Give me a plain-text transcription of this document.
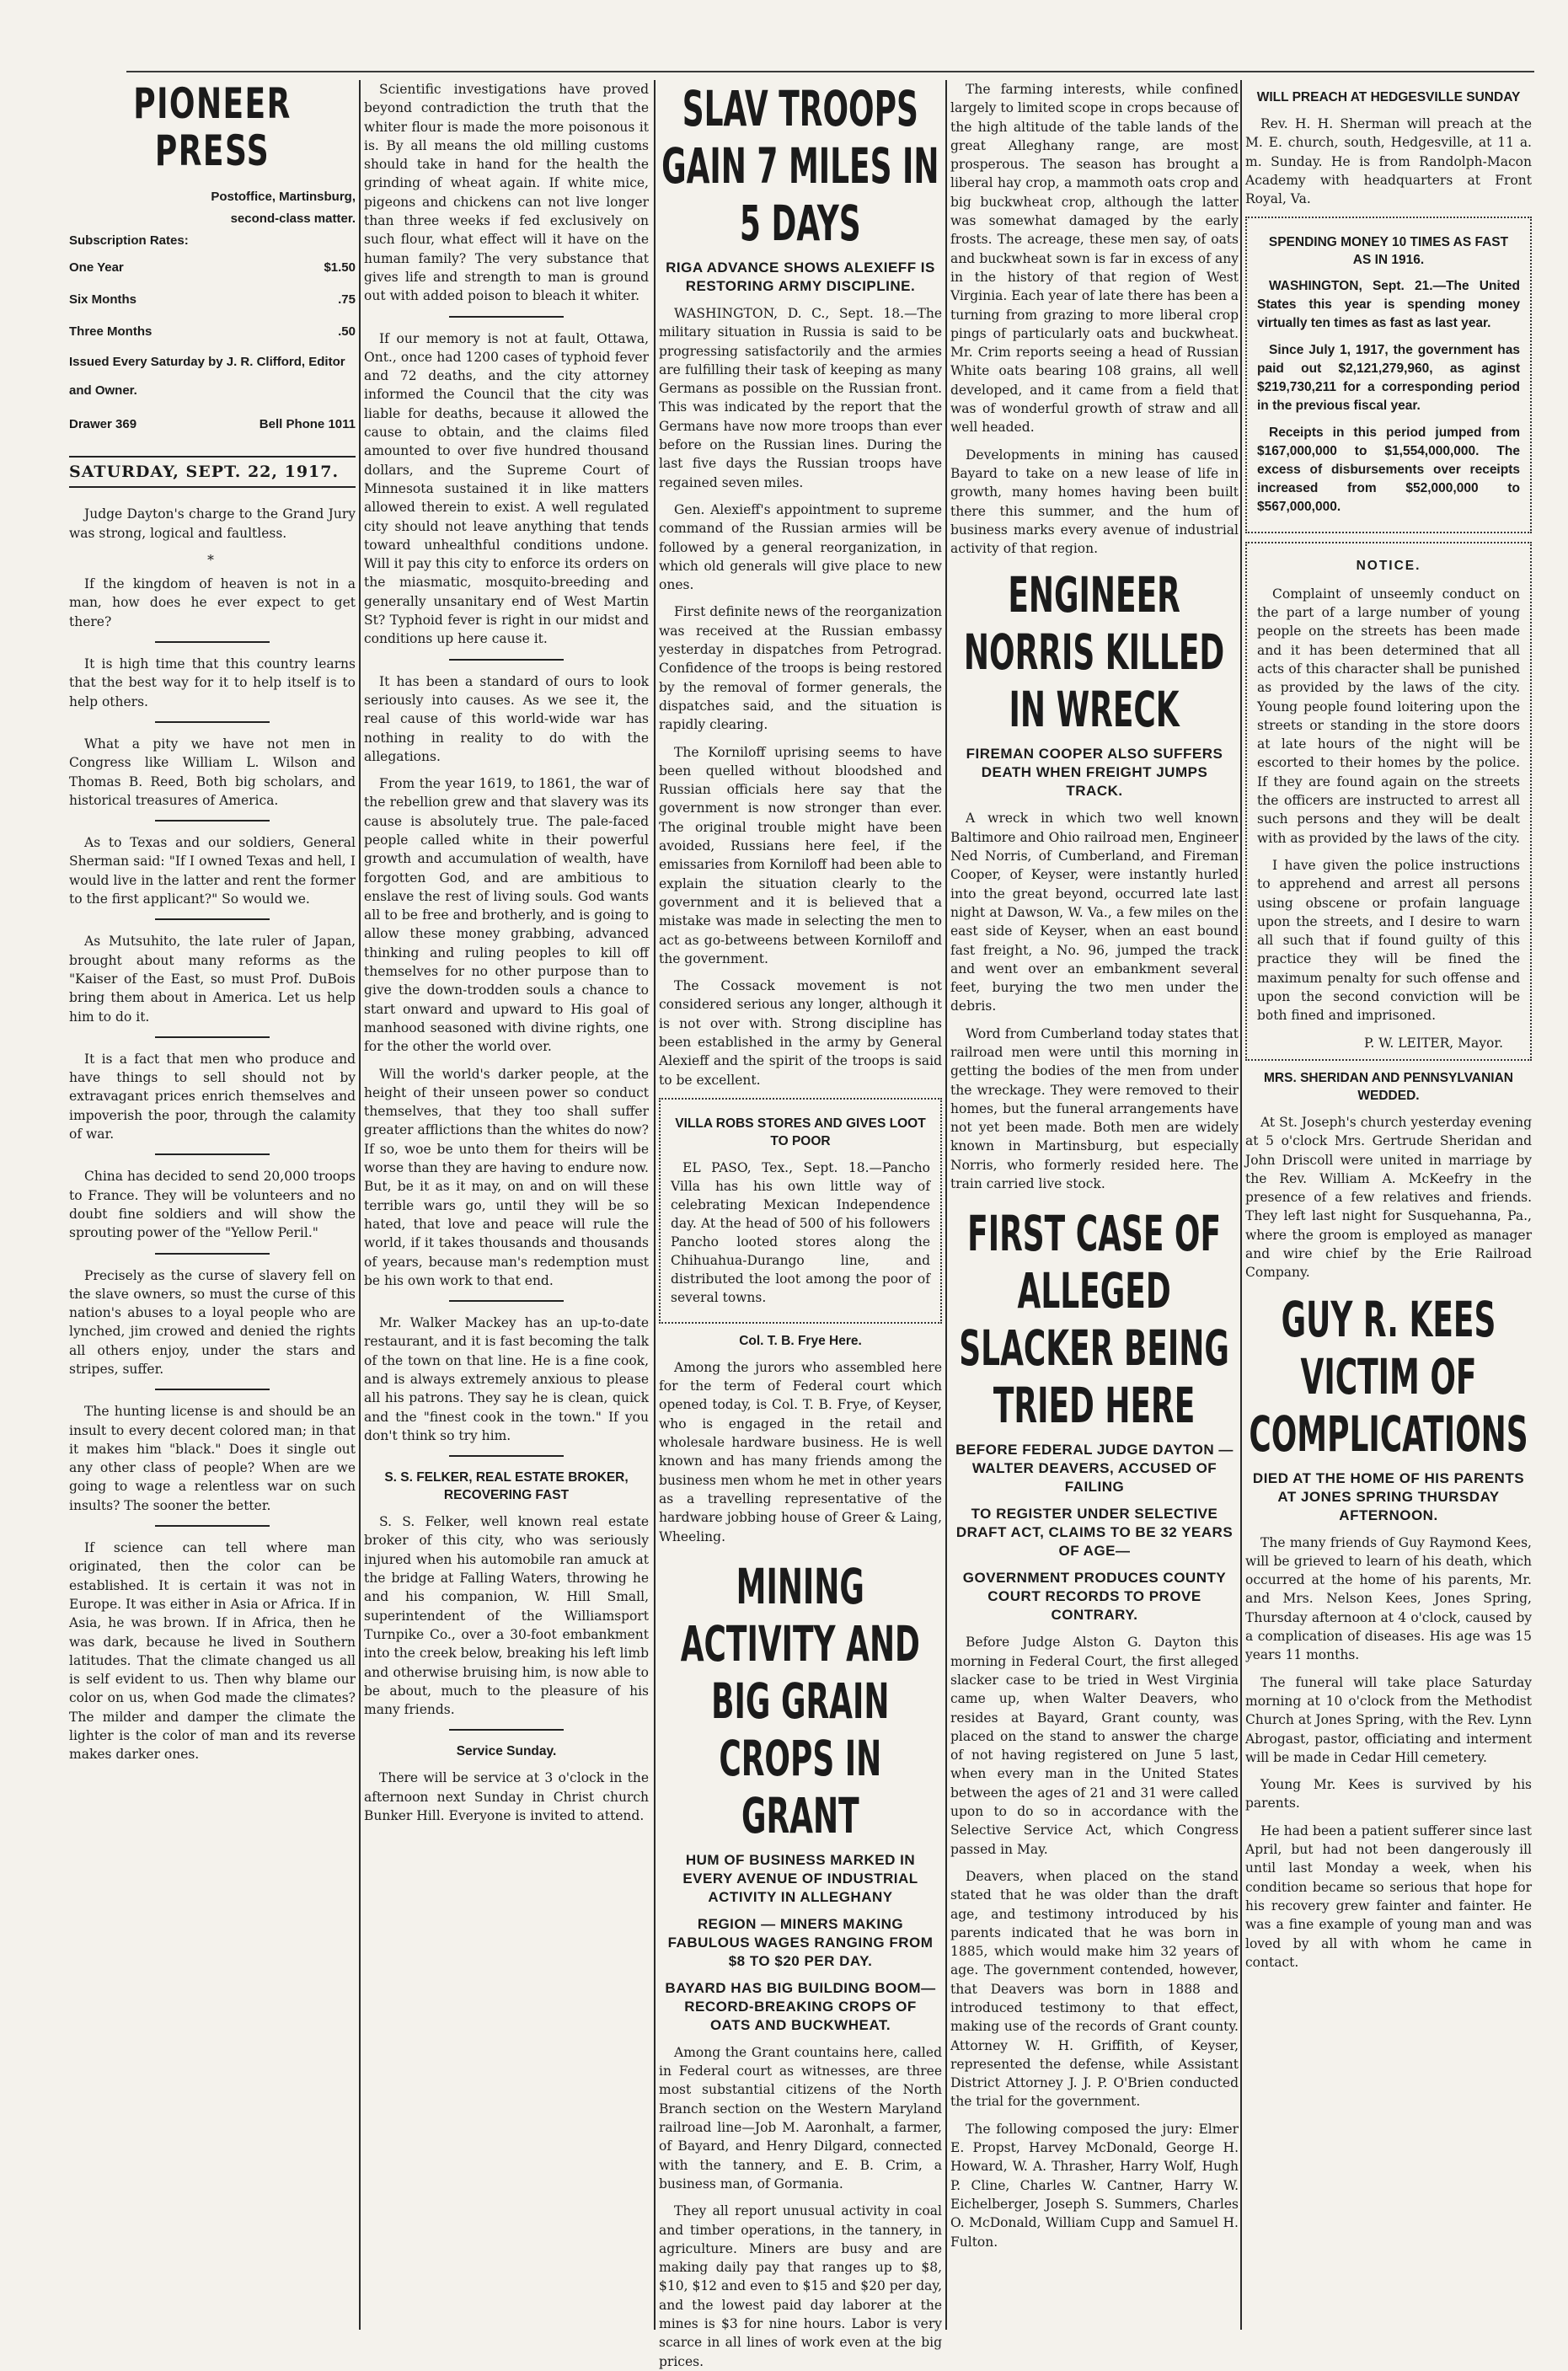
PIONEER PRESS
Postoffice, Martinsburg,
second-class matter.
Subscription Rates:
One Year	$1.50
Six Months	.75
Three Months	.50
Issued Every Saturday by J. R. Clifford, Editor and Owner.
Drawer 369	Bell Phone 1011
SATURDAY, SEPT. 22, 1917.

Judge Dayton's charge to the Grand Jury was strong, logical and faultless.

*

If the kingdom of heaven is not in a man, how does he ever expect to get there?

It is high time that this country learns that the best way for it to help itself is to help others.

What a pity we have not men in Congress like William L. Wilson and Thomas B. Reed, Both big scholars, and historical treasures of America.

As to Texas and our soldiers, General Sherman said: "If I owned Texas and hell, I would live in the latter and rent the former to the first applicant?" So would we.

As Mutsuhito, the late ruler of Japan, brought about many reforms as the "Kaiser of the East, so must Prof. DuBois bring them about in America. Let us help him to do it.

It is a fact that men who produce and have things to sell should not by extravagant prices enrich themselves and impoverish the poor, through the calamity of war.

China has decided to send 20,000 troops to France. They will be volunteers and no doubt fine soldiers and will show the sprouting power of the "Yellow Peril."

Precisely as the curse of slavery fell on the slave owners, so must the curse of this nation's abuses to a loyal people who are lynched, jim crowed and denied the rights all others enjoy, under the stars and stripes, suffer.

The hunting license is and should be an insult to every decent colored man; in that it makes him "black." Does it single out any other class of people? When are we going to wage a relentless war on such insults? The sooner the better.

If science can tell where man originated, then the color can be established. It is certain it was not in Europe. It was either in Asia or Africa. If in Asia, he was brown. If in Africa, then he was dark, because he lived in Southern latitudes. That the climate changed us all is self evident to us. Then why blame our color on us, when God made the climates? The milder and damper the climate the lighter is the color of man and its reverse makes darker ones.

Scientific investigations have proved beyond contradiction the truth that the whiter flour is made the more poisonous it is. By all means the old milling customs should take in hand for the health the grinding of wheat again. If white mice, pigeons and chickens can not live longer than three weeks if fed exclusively on such flour, what effect will it have on the human family? The very substance that gives life and strength to man is ground out with added poison to bleach it whiter.

If our memory is not at fault, Ottawa, Ont., once had 1200 cases of typhoid fever and 72 deaths, and the city attorney informed the Council that the city was liable for deaths, because it allowed the cause to obtain, and the claims filed amounted to over five hundred thousand dollars, and the Supreme Court of Minnesota sustained it in like matters allowed therein to exist. A well regulated city should not leave anything that tends toward unhealthful conditions undone. Will it pay this city to enforce its orders on the miasmatic, mosquito-breeding and generally unsanitary end of West Martin St? Typhoid fever is right in our midst and conditions up here cause it.

It has been a standard of ours to look seriously into causes. As we see it, the real cause of this world-wide war has nothing in reality to do with the allegations.

From the year 1619, to 1861, the war of the rebellion grew and that slavery was its cause is absolutely true. The pale-faced people called white in their powerful growth and accumulation of wealth, have forgotten God, and are ambitious to enslave the rest of living souls. God wants all to be free and brotherly, and is going to allow these money grabbing, advanced thinking and ruling peoples to kill off themselves for no other purpose than to give the down-trodden souls a chance to start onward and upward to His goal of manhood seasoned with divine rights, one for the other the world over.

Will the world's darker people, at the height of their unseen power so conduct themselves, that they too shall suffer greater afflictions than the whites do now? If so, woe be unto them for theirs will be worse than they are having to endure now. But, be it as it may, on and on will these terrible wars go, until they will be so hated, that love and peace will rule the world, if it takes thousands and thousands of years, because man's redemption must be his own work to that end.

Mr. Walker Mackey has an up-to-date restaurant, and it is fast becoming the talk of the town on that line. He is a fine cook, and is always extremely anxious to please all his patrons. They say he is clean, quick and the "finest cook in the town." If you don't think so try him.

S. S. FELKER, REAL ESTATE BROKER, RECOVERING FAST

S. S. Felker, well known real estate broker of this city, who was seriously injured when his automobile ran amuck at the bridge at Falling Waters, throwing he and his companion, W. Hill Small, superintendent of the Williamsport Turnpike Co., over a 30-foot embankment into the creek below, breaking his left limb and otherwise bruising him, is now able to be about, much to the pleasure of his many friends.

Service Sunday.

There will be service at 3 o'clock in the afternoon next Sunday in Christ church Bunker Hill. Everyone is invited to attend.

SLAV TROOPS GAIN 7 MILES IN 5 DAYS
RIGA ADVANCE SHOWS ALEXIEFF IS RESTORING ARMY DISCIPLINE.

WASHINGTON, D. C., Sept. 18.—The military situation in Russia is said to be progressing satisfactorily and the armies are fulfilling their task of keeping as many Germans as possible on the Russian front. This was indicated by the report that the Germans have now more troops than ever before on the Russian lines. During the last five days the Russian troops have regained seven miles.

Gen. Alexieff's appointment to supreme command of the Russian armies will be followed by a general reorganization, in which old generals will give place to new ones.

First definite news of the reorganization was received at the Russian embassy yesterday in dispatches from Petrograd. Confidence of the troops is being restored by the removal of former generals, the dispatches said, and the situation is rapidly clearing.

The Korniloff uprising seems to have been quelled without bloodshed and Russian officials here say that the government is now stronger than ever. The original trouble might have been avoided, Russians here feel, if the emissaries from Korniloff had been able to explain the situation clearly to the government and it is believed that a mistake was made in selecting the men to act as go-betweens between Korniloff and the government.

The Cossack movement is not considered serious any longer, although it is not over with. Strong discipline has been established in the army by General Alexieff and the spirit of the troops is said to be excellent.

VILLA ROBS STORES AND GIVES LOOT TO POOR

EL PASO, Tex., Sept. 18.—Pancho Villa has his own little way of celebrating Mexican Independence day. At the head of 500 of his followers Pancho looted stores along the Chihuahua-Durango line, and distributed the loot among the poor of several towns.

Col. T. B. Frye Here.

Among the jurors who assembled here for the term of Federal court which opened today, is Col. T. B. Frye, of Keyser, who is engaged in the retail and wholesale hardware business. He is well known and has many friends among the business men whom he met in other years as a travelling representative of the hardware jobbing house of Greer & Laing, Wheeling.

MINING ACTIVITY AND BIG GRAIN CROPS IN GRANT
HUM OF BUSINESS MARKED IN EVERY AVENUE OF INDUSTRIAL ACTIVITY IN ALLEGHANY
REGION — MINERS MAKING FABULOUS WAGES RANGING FROM $8 TO $20 PER DAY.
BAYARD HAS BIG BUILDING BOOM—RECORD-BREAKING CROPS OF OATS AND BUCKWHEAT.

Among the Grant countains here, called in Federal court as witnesses, are three most substantial citizens of the North Branch section on the Western Maryland railroad line—Job M. Aaronhalt, a farmer, of Bayard, and Henry Dilgard, connected with the tannery, and E. B. Crim, a business man, of Gormania.

They all report unusual activity in coal and timber operations, in the tannery, in agriculture. Miners are busy and are making daily pay that ranges up to $8, $10, $12 and even to $15 and $20 per day, and the lowest paid day laborer at the mines is $3 for nine hours. Labor is very scarce in all lines of work even at the big prices.

The farming interests, while confined largely to limited scope in crops because of the high altitude of the table lands of the great Alleghany range, are most prosperous. The season has brought a liberal hay crop, a mammoth oats crop and big buckwheat crop, although the latter was somewhat damaged by the early frosts. The acreage, these men say, of oats and buckwheat sown is far in excess of any in the history of that region of West Virginia. Each year of late there has been a turning from grazing to more liberal crop pings of particularly oats and buckwheat. Mr. Crim reports seeing a head of Russian White oats bearing 108 grains, all well developed, and it came from a field that was of wonderful growth of straw and all well headed.

Developments in mining has caused Bayard to take on a new lease of life in growth, many homes having been built there this summer, and the hum of business marks every avenue of industrial activity of that region.

ENGINEER NORRIS KILLED IN WRECK
FIREMAN COOPER ALSO SUFFERS DEATH WHEN FREIGHT JUMPS TRACK.

A wreck in which two well known Baltimore and Ohio railroad men, Engineer Ned Norris, of Cumberland, and Fireman Cooper, of Keyser, were instantly hurled into the great beyond, occurred late last night at Dawson, W. Va., a few miles on the east side of Keyser, when an east bound fast freight, a No. 96, jumped the track and went over an embankment several feet, burying the two men under the debris.

Word from Cumberland today states that railroad men were until this morning in getting the bodies of the men from under the wreckage. They were removed to their homes, but the funeral arrangements have not yet been made. Both men are widely known in Martinsburg, but especially Norris, who formerly resided here. The train carried live stock.

FIRST CASE OF ALLEGED SLACKER BEING TRIED HERE
BEFORE FEDERAL JUDGE DAYTON — WALTER DEAVERS, ACCUSED OF FAILING
TO REGISTER UNDER SELECTIVE DRAFT ACT, CLAIMS TO BE 32 YEARS OF AGE—
GOVERNMENT PRODUCES COUNTY COURT RECORDS TO PROVE CONTRARY.

Before Judge Alston G. Dayton this morning in Federal Court, the first alleged slacker case to be tried in West Virginia came up, when Walter Deavers, who resides at Bayard, Grant county, was placed on the stand to answer the charge of not having registered on June 5 last, when every man in the United States between the ages of 21 and 31 were called upon to do so in accordance with the Selective Service Act, which Congress passed in May.

Deavers, when placed on the stand stated that he was older than the draft age, and testimony introduced by his parents indicated that he was born in 1885, which would make him 32 years of age. The government contended, however, that Deavers was born in 1888 and introduced testimony to that effect, making use of the records of Grant county. Attorney W. H. Griffith, of Keyser, represented the defense, while Assistant District Attorney J. J. P. O'Brien conducted the trial for the government.

The following composed the jury: Elmer E. Propst, Harvey McDonald, George H. Howard, W. A. Thrasher, Harry Wolf, Hugh P. Cline, Charles W. Cantner, Harry W. Eichelberger, Joseph S. Summers, Charles O. McDonald, William Cupp and Samuel H. Fulton.

WILL PREACH AT HEDGESVILLE SUNDAY

Rev. H. H. Sherman will preach at the M. E. church, south, Hedgesville, at 11 a. m. Sunday. He is from Randolph-Macon Academy with headquarters at Front Royal, Va.

SPENDING MONEY 10 TIMES AS FAST AS IN 1916.

WASHINGTON, Sept. 21.—The United States this year is spending money virtually ten times as fast as last year.

Since July 1, 1917, the government has paid out $2,121,279,960, as aginst $219,730,211 for a corresponding period in the previous fiscal year.

Receipts in this period jumped from $167,000,000 to $1,554,000,000. The excess of disbursements over receipts increased from $52,000,000 to $567,000,000.

NOTICE.

Complaint of unseemly conduct on the part of a large number of young people on the streets has been made and it has been determined that all acts of this character shall be punished as provided by the laws of the city. Young people found loitering upon the streets or standing in the store doors at late hours of the night will be escorted to their homes by the police. If they are found again on the streets the officers are instructed to arrest all such persons and they will be dealt with as provided by the laws of the city.

I have given the police instructions to apprehend and arrest all persons using obscene or profain language upon the streets, and I desire to warn all such that if found guilty of this practice they will be fined the maximum penalty for such offense and upon the second conviction will be both fined and imprisoned.

P. W. LEITER, Mayor.
MRS. SHERIDAN AND PENNSYLVANIAN WEDDED.

At St. Joseph's church yesterday evening at 5 o'clock Mrs. Gertrude Sheridan and John Driscoll were united in marriage by the Rev. William A. McKeefry in the presence of a few relatives and friends. They left last night for Susquehanna, Pa., where the groom is employed as manager and wire chief by the Erie Railroad Company.

GUY R. KEES VICTIM OF COMPLICATIONS
DIED AT THE HOME OF HIS PARENTS AT JONES SPRING THURSDAY AFTERNOON.

The many friends of Guy Raymond Kees, will be grieved to learn of his death, which occurred at the home of his parents, Mr. and Mrs. Nelson Kees, Jones Spring, Thursday afternoon at 4 o'clock, caused by a complication of diseases. His age was 15 years 11 months.

The funeral will take place Saturday morning at 10 o'clock from the Methodist Church at Jones Spring, with the Rev. Lynn Abrogast, pastor, officiating and interment will be made in Cedar Hill cemetery.

Young Mr. Kees is survived by his parents.

He had been a patient sufferer since last April, but had not been dangerously ill until last Monday a week, when his condition became so serious that hope for his recovery grew fainter and fainter. He was a fine example of young man and was loved by all with whom he came in contact.
